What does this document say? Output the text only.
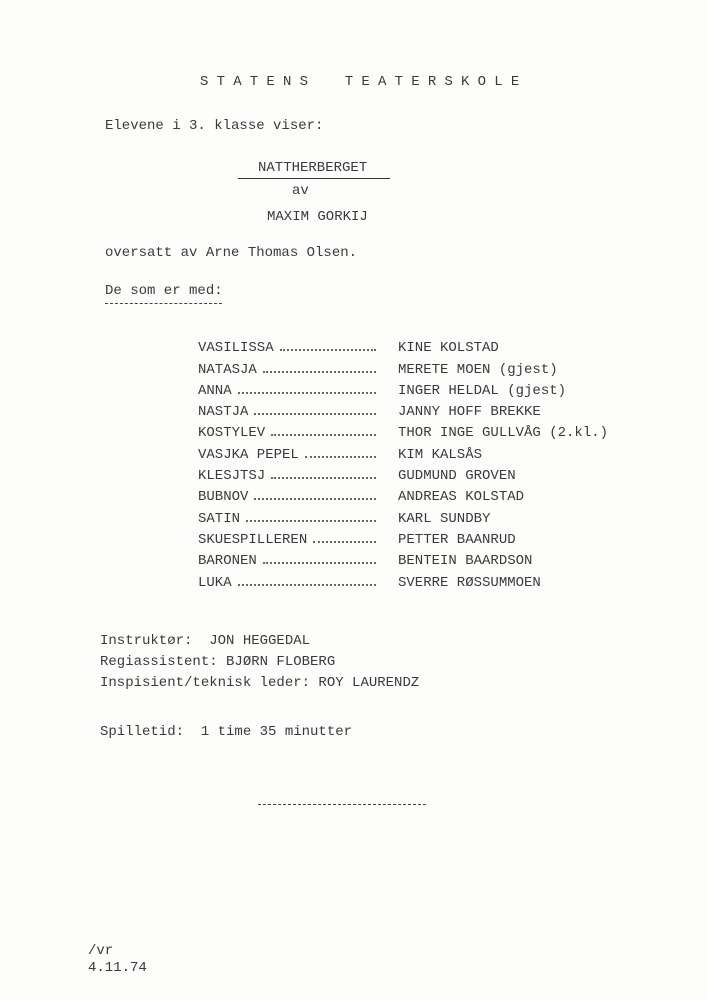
STATENS TEATERSKOLE
Elevene i 3. klasse viser:
NATTHERBERGET
av
MAXIM GORKIJ
oversatt av Arne Thomas Olsen.
De som er med:
VASILISSA	KINE KOLSTAD
NATASJA	MERETE MOEN (gjest)
ANNA	INGER HELDAL (gjest)
NASTJA	JANNY HOFF BREKKE
KOSTYLEV	THOR INGE GULLVÅG (2.kl.)
VASJKA PEPEL	KIM KALSÅS
KLESJTSJ	GUDMUND GROVEN
BUBNOV	ANDREAS KOLSTAD
SATIN	KARL SUNDBY
SKUESPILLEREN	PETTER BAANRUD
BARONEN	BENTEIN BAARDSON
LUKA	SVERRE RØSSUMMOEN
Instruktør:  JON HEGGEDAL
Regiassistent: BJØRN FLOBERG
Inspisient/teknisk leder: ROY LAURENDZ
Spilletid:  1 time 35 minutter
/vr
4.11.74
